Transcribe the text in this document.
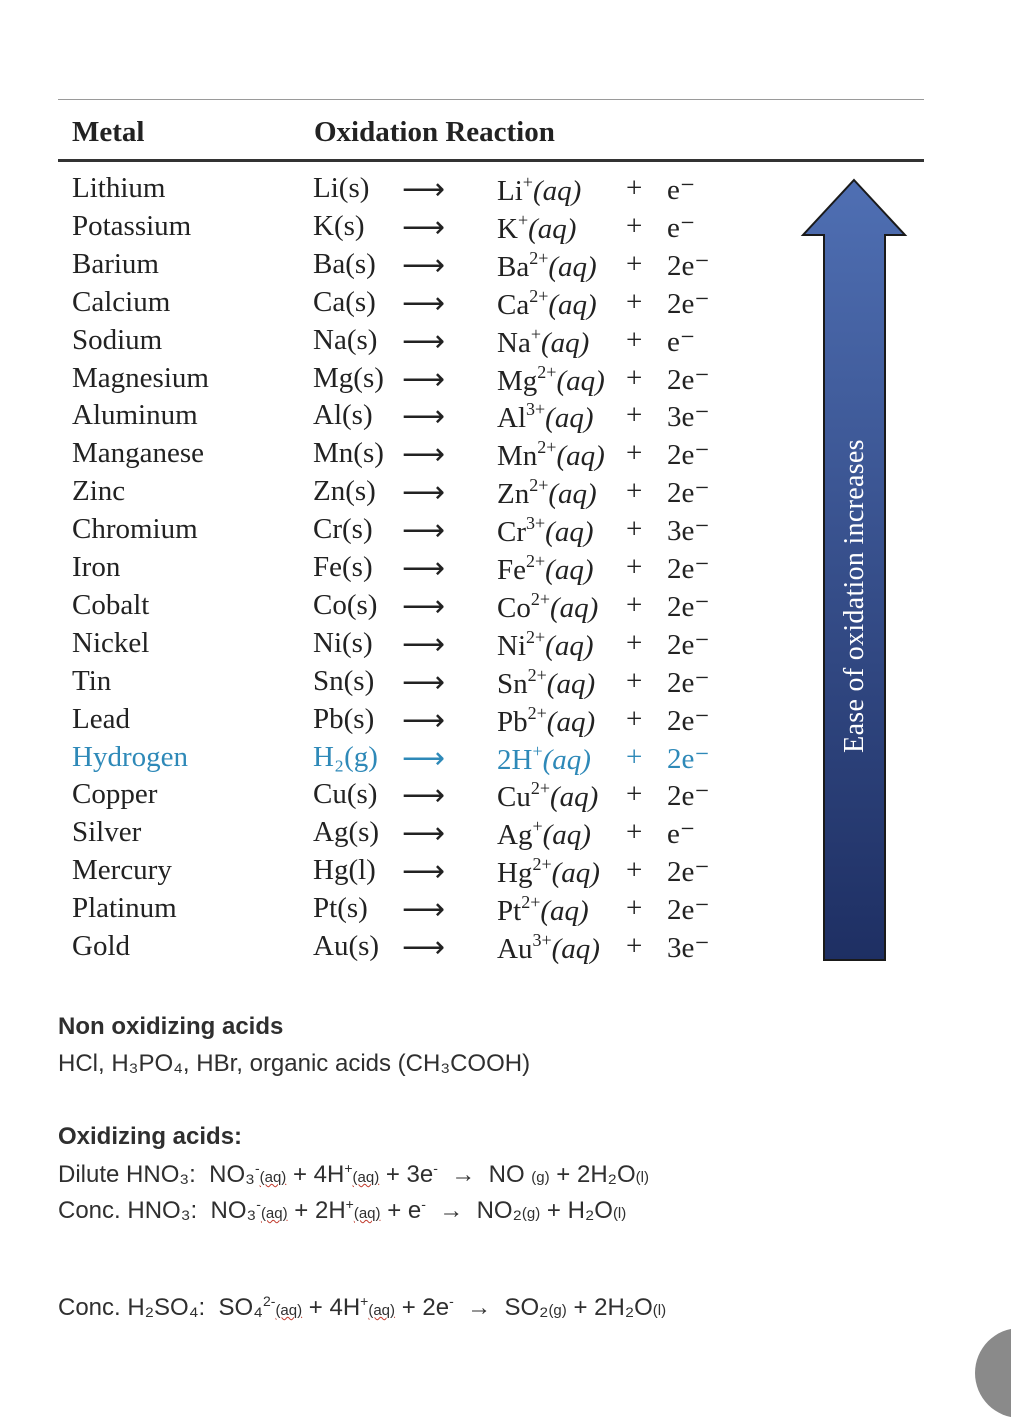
Metal	Oxidation Reaction
Lithium	Li(s) ⟶ Li+(aq) + e⁻
Potassium	K(s) ⟶ K+(aq) + e⁻
Barium	Ba(s) ⟶ $Ba^{2+}(aq) + 2e^-$
Calcium	Ca(s) ⟶ $Ca^{2+}(aq) + 2e^-$
Sodium	Na(s) ⟶ Na+(aq) + e⁻
Magnesium	Mg(s) ⟶ $Mg^{2+}(aq) + 2e^-$
Aluminum	Al(s) ⟶ $Al^{3+}(aq) + 3e^-$
Manganese	Mn(s) ⟶ $Mn^{2+}(aq) + 2e^-$
Zinc	Zn(s) ⟶ $Zn^{2+}(aq) + 2e^-$
Chromium	Cr(s) ⟶ $Cr^{3+}(aq) + 3e^-$
Iron	Fe(s) ⟶ $Fe^{2+}(aq) + 2e^-$
Cobalt	Co(s) ⟶ $Co^{2+}(aq) + 2e^-$
Nickel	Ni(s) ⟶ $Ni^{2+}(aq) + 2e^-$
Tin	Sn(s) ⟶ $Sn^{2+}(aq) + 2e^-$
Lead	Pb(s) ⟶ $Pb^{2+}(aq) + 2e^-$
Hydrogen	H₂(g) ⟶ 2H+(aq) + 2e⁻
Copper	Cu(s) ⟶ $Cu^{2+}(aq) + 2e^-$
Silver	Ag(s) ⟶ Ag+(aq) + e⁻
Mercury	Hg(l) ⟶ $Hg^{2+}(aq) + 2e^-$
Platinum	Pt(s) ⟶ $Pt^{2+}(aq) + 2e^-$
Gold	Au(s) ⟶ $Au^{3+}(aq) + 3e^-$
Ease of oxidation increases
Non oxidizing acids
HCl, H₃PO₄, HBr, organic acids (CH₃COOH)
Oxidizing acids:
Dilute HNO₃: NO₃-(aq) + 4H+(aq) + 3e- → NO (g) + 2H₂O(l)
Conc. HNO₃: NO₃-(aq) + 2H+(aq) + e- → NO₂(g) + H₂O(l)
Conc. H₂SO₄: SO₄$^{2-}$(aq) + 4H+(aq) + 2e- → SO₂(g) + 2H₂O(l)
